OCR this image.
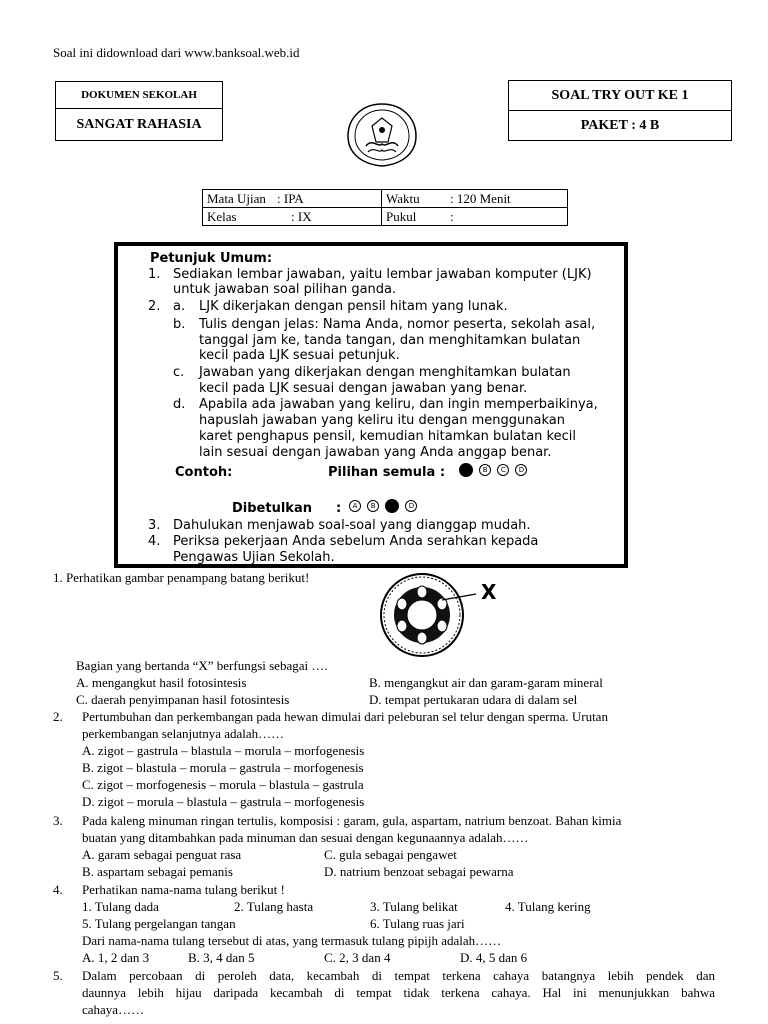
Soal ini didownload dari www.banksoal.web.id
DOKUMEN SEKOLAH
SANGAT RAHASIA
SOAL TRY OUT KE 1
PAKET : 4 B
Mata Ujian : IPA	Waktu : 120 Menit
Kelas : IX	Pukul :
Petunjuk Umum:
1. Sediakan lembar jawaban, yaitu lembar jawaban komputer (LJK)
untuk jawaban soal pilihan ganda.
2. a. LJK dikerjakan dengan pensil hitam yang lunak.
b. Tulis dengan jelas: Nama Anda, nomor peserta, sekolah asal,
tanggal jam ke, tanda tangan, dan menghitamkan bulatan
kecil pada LJK sesuai petunjuk.
c. Jawaban yang dikerjakan dengan menghitamkan bulatan
kecil pada LJK sesuai dengan jawaban yang benar.
d. Apabila ada jawaban yang keliru, dan ingin memperbaikinya,
hapuslah jawaban yang keliru itu dengan menggunakan
karet penghapus pensil, kemudian hitamkan bulatan kecil
lain sesuai dengan jawaban yang Anda anggap benar.
Contoh:	Pilihan semula :	B C D
Dibetulkan :	A B	D
3. Dahulukan menjawab soal-soal yang dianggap mudah.
4. Periksa pekerjaan Anda sebelum Anda serahkan kepada
Pengawas Ujian Sekolah.
1. Perhatikan gambar penampang batang berikut!
X
Bagian yang bertanda “X” berfungsi sebagai ….
A. mengangkut hasil fotosintesis	B. mengangkut air dan garam-garam mineral
C. daerah penyimpanan hasil fotosintesis	D. tempat pertukaran udara di dalam sel
2. Pertumbuhan dan perkembangan pada hewan dimulai dari peleburan sel telur dengan sperma. Urutan
perkembangan selanjutnya adalah……
A. zigot – gastrula – blastula – morula – morfogenesis
B. zigot – blastula – morula – gastrula – morfogenesis
C. zigot – morfogenesis – morula – blastula – gastrula
D. zigot – morula – blastula – gastrula – morfogenesis
3. Pada kaleng minuman ringan tertulis, komposisi : garam, gula, aspartam, natrium benzoat. Bahan kimia
buatan yang ditambahkan pada minuman dan sesuai dengan kegunaannya adalah……
A. garam sebagai penguat rasa	C. gula sebagai pengawet
B. aspartam sebagai pemanis	D. natrium benzoat sebagai pewarna
4. Perhatikan nama-nama tulang berikut !
1. Tulang dada	2. Tulang hasta	3. Tulang belikat	4. Tulang kering
5. Tulang pergelangan tangan	6. Tulang ruas jari
Dari nama-nama tulang tersebut di atas, yang termasuk tulang pipijh adalah……
A. 1, 2 dan 3	B. 3, 4 dan 5	C. 2, 3 dan 4	D. 4, 5 dan 6
5. Dalam percobaan di peroleh data, kecambah di tempat terkena cahaya batangnya lebih pendek dan
daunnya lebih hijau daripada kecambah di tempat tidak terkena cahaya. Hal ini menunjukkan bahwa
cahaya……
